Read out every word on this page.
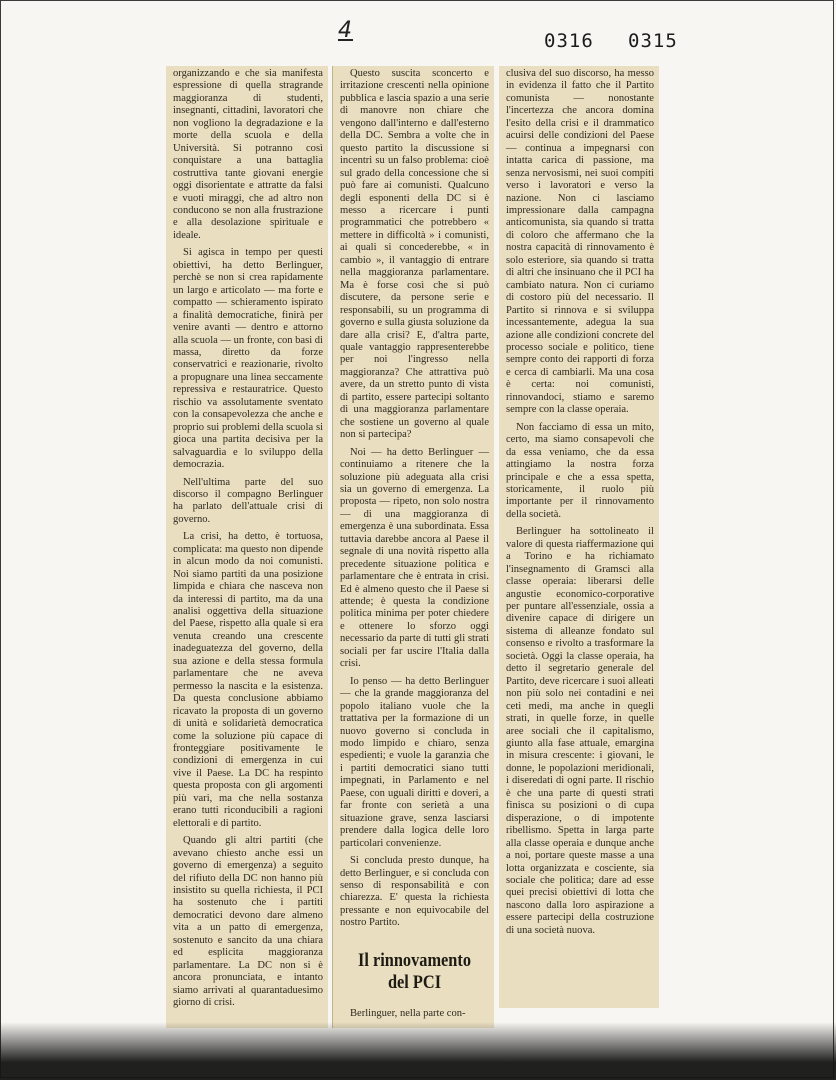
4	0316 0315

organizzando e che sia manifesta espressione di quella stragrande maggioranza di studenti, insegnanti, cittadini, lavoratori che non vogliono la degradazione e la morte della scuola e della Università. Si potranno così conquistare a una battaglia costruttiva tante giovani energie oggi disorientate e attratte da falsi e vuoti miraggi, che ad altro non conducono se non alla frustrazione e alla desolazione spirituale e ideale.

Si agisca in tempo per questi obiettivi, ha detto Berlinguer, perchè se non si crea rapidamente un largo e articolato — ma forte e compatto — schieramento ispirato a finalità democratiche, finirà per venire avanti — dentro e attorno alla scuola — un fronte, con basi di massa, diretto da forze conservatrici e reazionarie, rivolto a propugnare una linea seccamente repressiva e restauratrice. Questo rischio va assolutamente sventato con la consapevolezza che anche e proprio sui problemi della scuola si gioca una partita decisiva per la salvaguardia e lo sviluppo della democrazia.

Nell'ultima parte del suo discorso il compagno Berlinguer ha parlato dell'attuale crisi di governo.

La crisi, ha detto, è tortuosa, complicata: ma questo non dipende in alcun modo da noi comunisti. Noi siamo partiti da una posizione limpida e chiara che nasceva non da interessi di partito, ma da una analisi oggettiva della situazione del Paese, rispetto alla quale si era venuta creando una crescente inadeguatezza del governo, della sua azione e della stessa formula parlamentare che ne aveva permesso la nascita e la esistenza. Da questa conclusione abbiamo ricavato la proposta di un governo di unità e solidarietà democratica come la soluzione più capace di fronteggiare positivamente le condizioni di emergenza in cui vive il Paese. La DC ha respinto questa proposta con gli argomenti più vari, ma che nella sostanza erano tutti riconducibili a ragioni elettorali e di partito.

Quando gli altri partiti (che avevano chiesto anche essi un governo di emergenza) a seguito del rifiuto della DC non hanno più insistito su quella richiesta, il PCI ha sostenuto che i partiti democratici devono dare almeno vita a un patto di emergenza, sostenuto e sancito da una chiara ed esplicita maggioranza parlamentare. La DC non si è ancora pronunciata, e intanto siamo arrivati al quarantaduesimo giorno di crisi.

Questo suscita sconcerto e irritazione crescenti nella opinione pubblica e lascia spazio a una serie di manovre non chiare che vengono dall'interno e dall'esterno della DC. Sembra a volte che in questo partito la discussione si incentri su un falso problema: cioè sul grado della concessione che si può fare ai comunisti. Qualcuno degli esponenti della DC si è messo a ricercare i punti programmatici che potrebbero « mettere in difficoltà » i comunisti, ai quali si concederebbe, « in cambio », il vantaggio di entrare nella maggioranza parlamentare. Ma è forse così che si può discutere, da persone serie e responsabili, su un programma di governo e sulla giusta soluzione da dare alla crisi? E, d'altra parte, quale vantaggio rappresenterebbe per noi l'ingresso nella maggioranza? Che attrattiva può avere, da un stretto punto di vista di partito, essere partecipi soltanto di una maggioranza parlamentare che sostiene un governo al quale non si partecipa?

Noi — ha detto Berlinguer — continuiamo a ritenere che la soluzione più adeguata alla crisi sia un governo di emergenza. La proposta — ripeto, non solo nostra — di una maggioranza di emergenza è una subordinata. Essa tuttavia darebbe ancora al Paese il segnale di una novità rispetto alla precedente situazione politica e parlamentare che è entrata in crisi. Ed è almeno questo che il Paese si attende; è questa la condizione politica minima per poter chiedere e ottenere lo sforzo oggi necessario da parte di tutti gli strati sociali per far uscire l'Italia dalla crisi.

Io penso — ha detto Berlinguer — che la grande maggioranza del popolo italiano vuole che la trattativa per la formazione di un nuovo governo si concluda in modo limpido e chiaro, senza espedienti; e vuole la garanzia che i partiti democratici siano tutti impegnati, in Parlamento e nel Paese, con uguali diritti e doveri, a far fronte con serietà a una situazione grave, senza lasciarsi prendere dalla logica delle loro particolari convenienze.

Si concluda presto dunque, ha detto Berlinguer, e si concluda con senso di responsabilità e con chiarezza. E' questa la richiesta pressante e non equivocabile del nostro Partito.

Il rinnovamento del PCI

Berlinguer, nella parte con-

clusiva del suo discorso, ha messo in evidenza il fatto che il Partito comunista — nonostante l'incertezza che ancora domina l'esito della crisi e il drammatico acuirsi delle condizioni del Paese — continua a impegnarsi con intatta carica di passione, ma senza nervosismi, nei suoi compiti verso i lavoratori e verso la nazione. Non ci lasciamo impressionare dalla campagna anticomunista, sia quando si tratta di coloro che affermano che la nostra capacità di rinnovamento è solo esteriore, sia quando si tratta di altri che insinuano che il PCI ha cambiato natura. Non ci curiamo di costoro più del necessario. Il Partito si rinnova e si sviluppa incessantemente, adegua la sua azione alle condizioni concrete del processo sociale e politico, tiene sempre conto dei rapporti di forza e cerca di cambiarli. Ma una cosa è certa: noi comunisti, rinnovandoci, stiamo e saremo sempre con la classe operaia.

Non facciamo di essa un mito, certo, ma siamo consapevoli che da essa veniamo, che da essa attingiamo la nostra forza principale e che a essa spetta, storicamente, il ruolo più importante per il rinnovamento della società.

Berlinguer ha sottolineato il valore di questa riaffermazione qui a Torino e ha richiamato l'insegnamento di Gramsci alla classe operaia: liberarsi delle angustie economico-corporative per puntare all'essenziale, ossia a divenire capace di dirigere un sistema di alleanze fondato sul consenso e rivolto a trasformare la società. Oggi la classe operaia, ha detto il segretario generale del Partito, deve ricercare i suoi alleati non più solo nei contadini e nei ceti medi, ma anche in quegli strati, in quelle forze, in quelle aree sociali che il capitalismo, giunto alla fase attuale, emargina in misura crescente: i giovani, le donne, le popolazioni meridionali, i diseredati di ogni parte. Il rischio è che una parte di questi strati finisca su posizioni o di cupa disperazione, o di impotente ribellismo. Spetta in larga parte alla classe operaia e dunque anche a noi, portare queste masse a una lotta organizzata e cosciente, sia sociale che politica; dare ad esse quei precisi obiettivi di lotta che nascono dalla loro aspirazione a essere partecipi della costruzione di una società nuova.
